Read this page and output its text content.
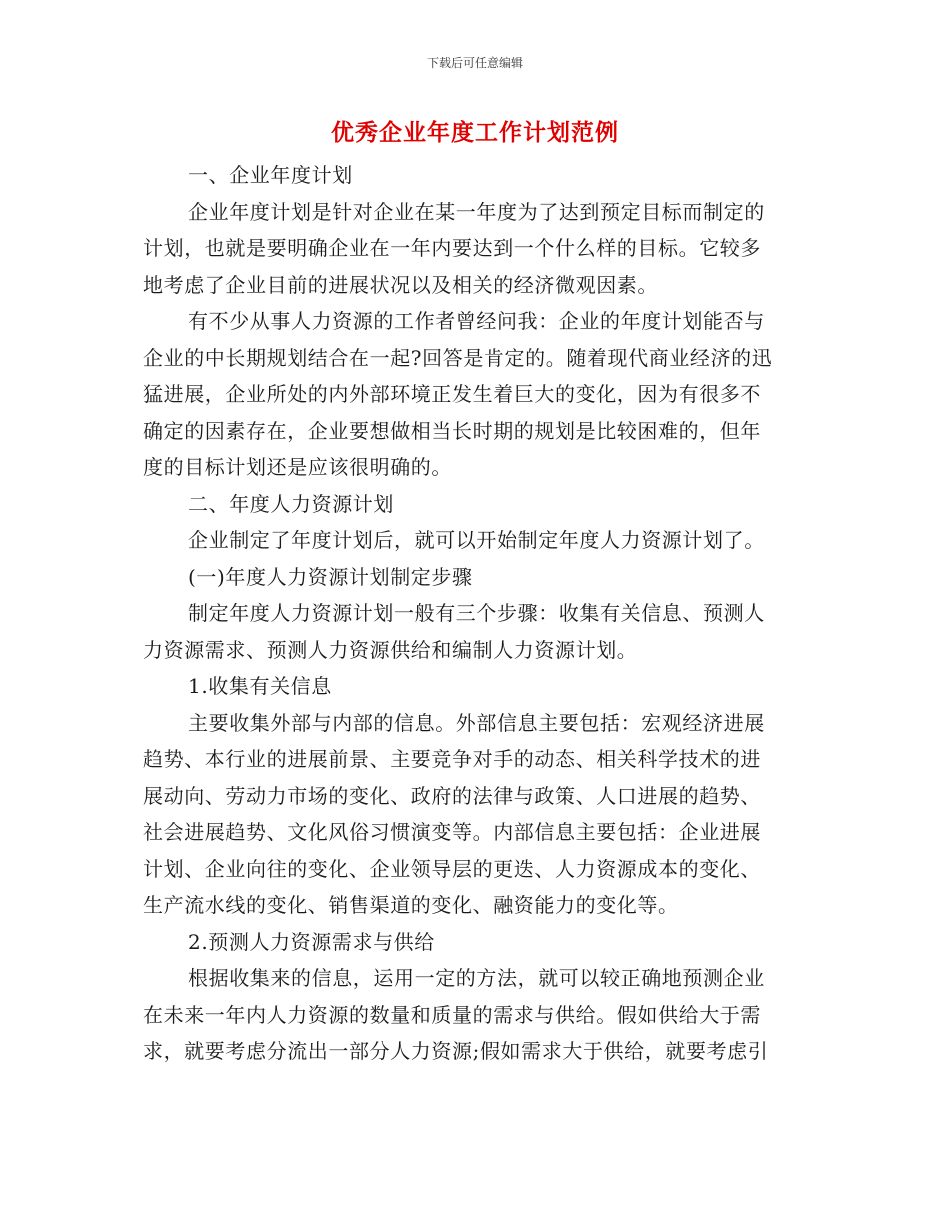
下载后可任意编辑
优秀企业年度工作计划范例
一、企业年度计划
企业年度计划是针对企业在某一年度为了达到预定目标而制定的
计划，也就是要明确企业在一年内要达到一个什么样的目标。它较多
地考虑了企业目前的进展状况以及相关的经济微观因素。
有不少从事人力资源的工作者曾经问我：企业的年度计划能否与
企业的中长期规划结合在一起?回答是肯定的。随着现代商业经济的迅
猛进展，企业所处的内外部环境正发生着巨大的变化，因为有很多不
确定的因素存在，企业要想做相当长时期的规划是比较困难的，但年
度的目标计划还是应该很明确的。
二、年度人力资源计划
企业制定了年度计划后，就可以开始制定年度人力资源计划了。
(一)年度人力资源计划制定步骤
制定年度人力资源计划一般有三个步骤：收集有关信息、预测人
力资源需求、预测人力资源供给和编制人力资源计划。
1.收集有关信息
主要收集外部与内部的信息。外部信息主要包括：宏观经济进展
趋势、本行业的进展前景、主要竞争对手的动态、相关科学技术的进
展动向、劳动力市场的变化、政府的法律与政策、人口进展的趋势、
社会进展趋势、文化风俗习惯演变等。内部信息主要包括：企业进展
计划、企业向往的变化、企业领导层的更迭、人力资源成本的变化、
生产流水线的变化、销售渠道的变化、融资能力的变化等。
2.预测人力资源需求与供给
根据收集来的信息，运用一定的方法，就可以较正确地预测企业
在未来一年内人力资源的数量和质量的需求与供给。假如供给大于需
求，就要考虑分流出一部分人力资源;假如需求大于供给，就要考虑引
